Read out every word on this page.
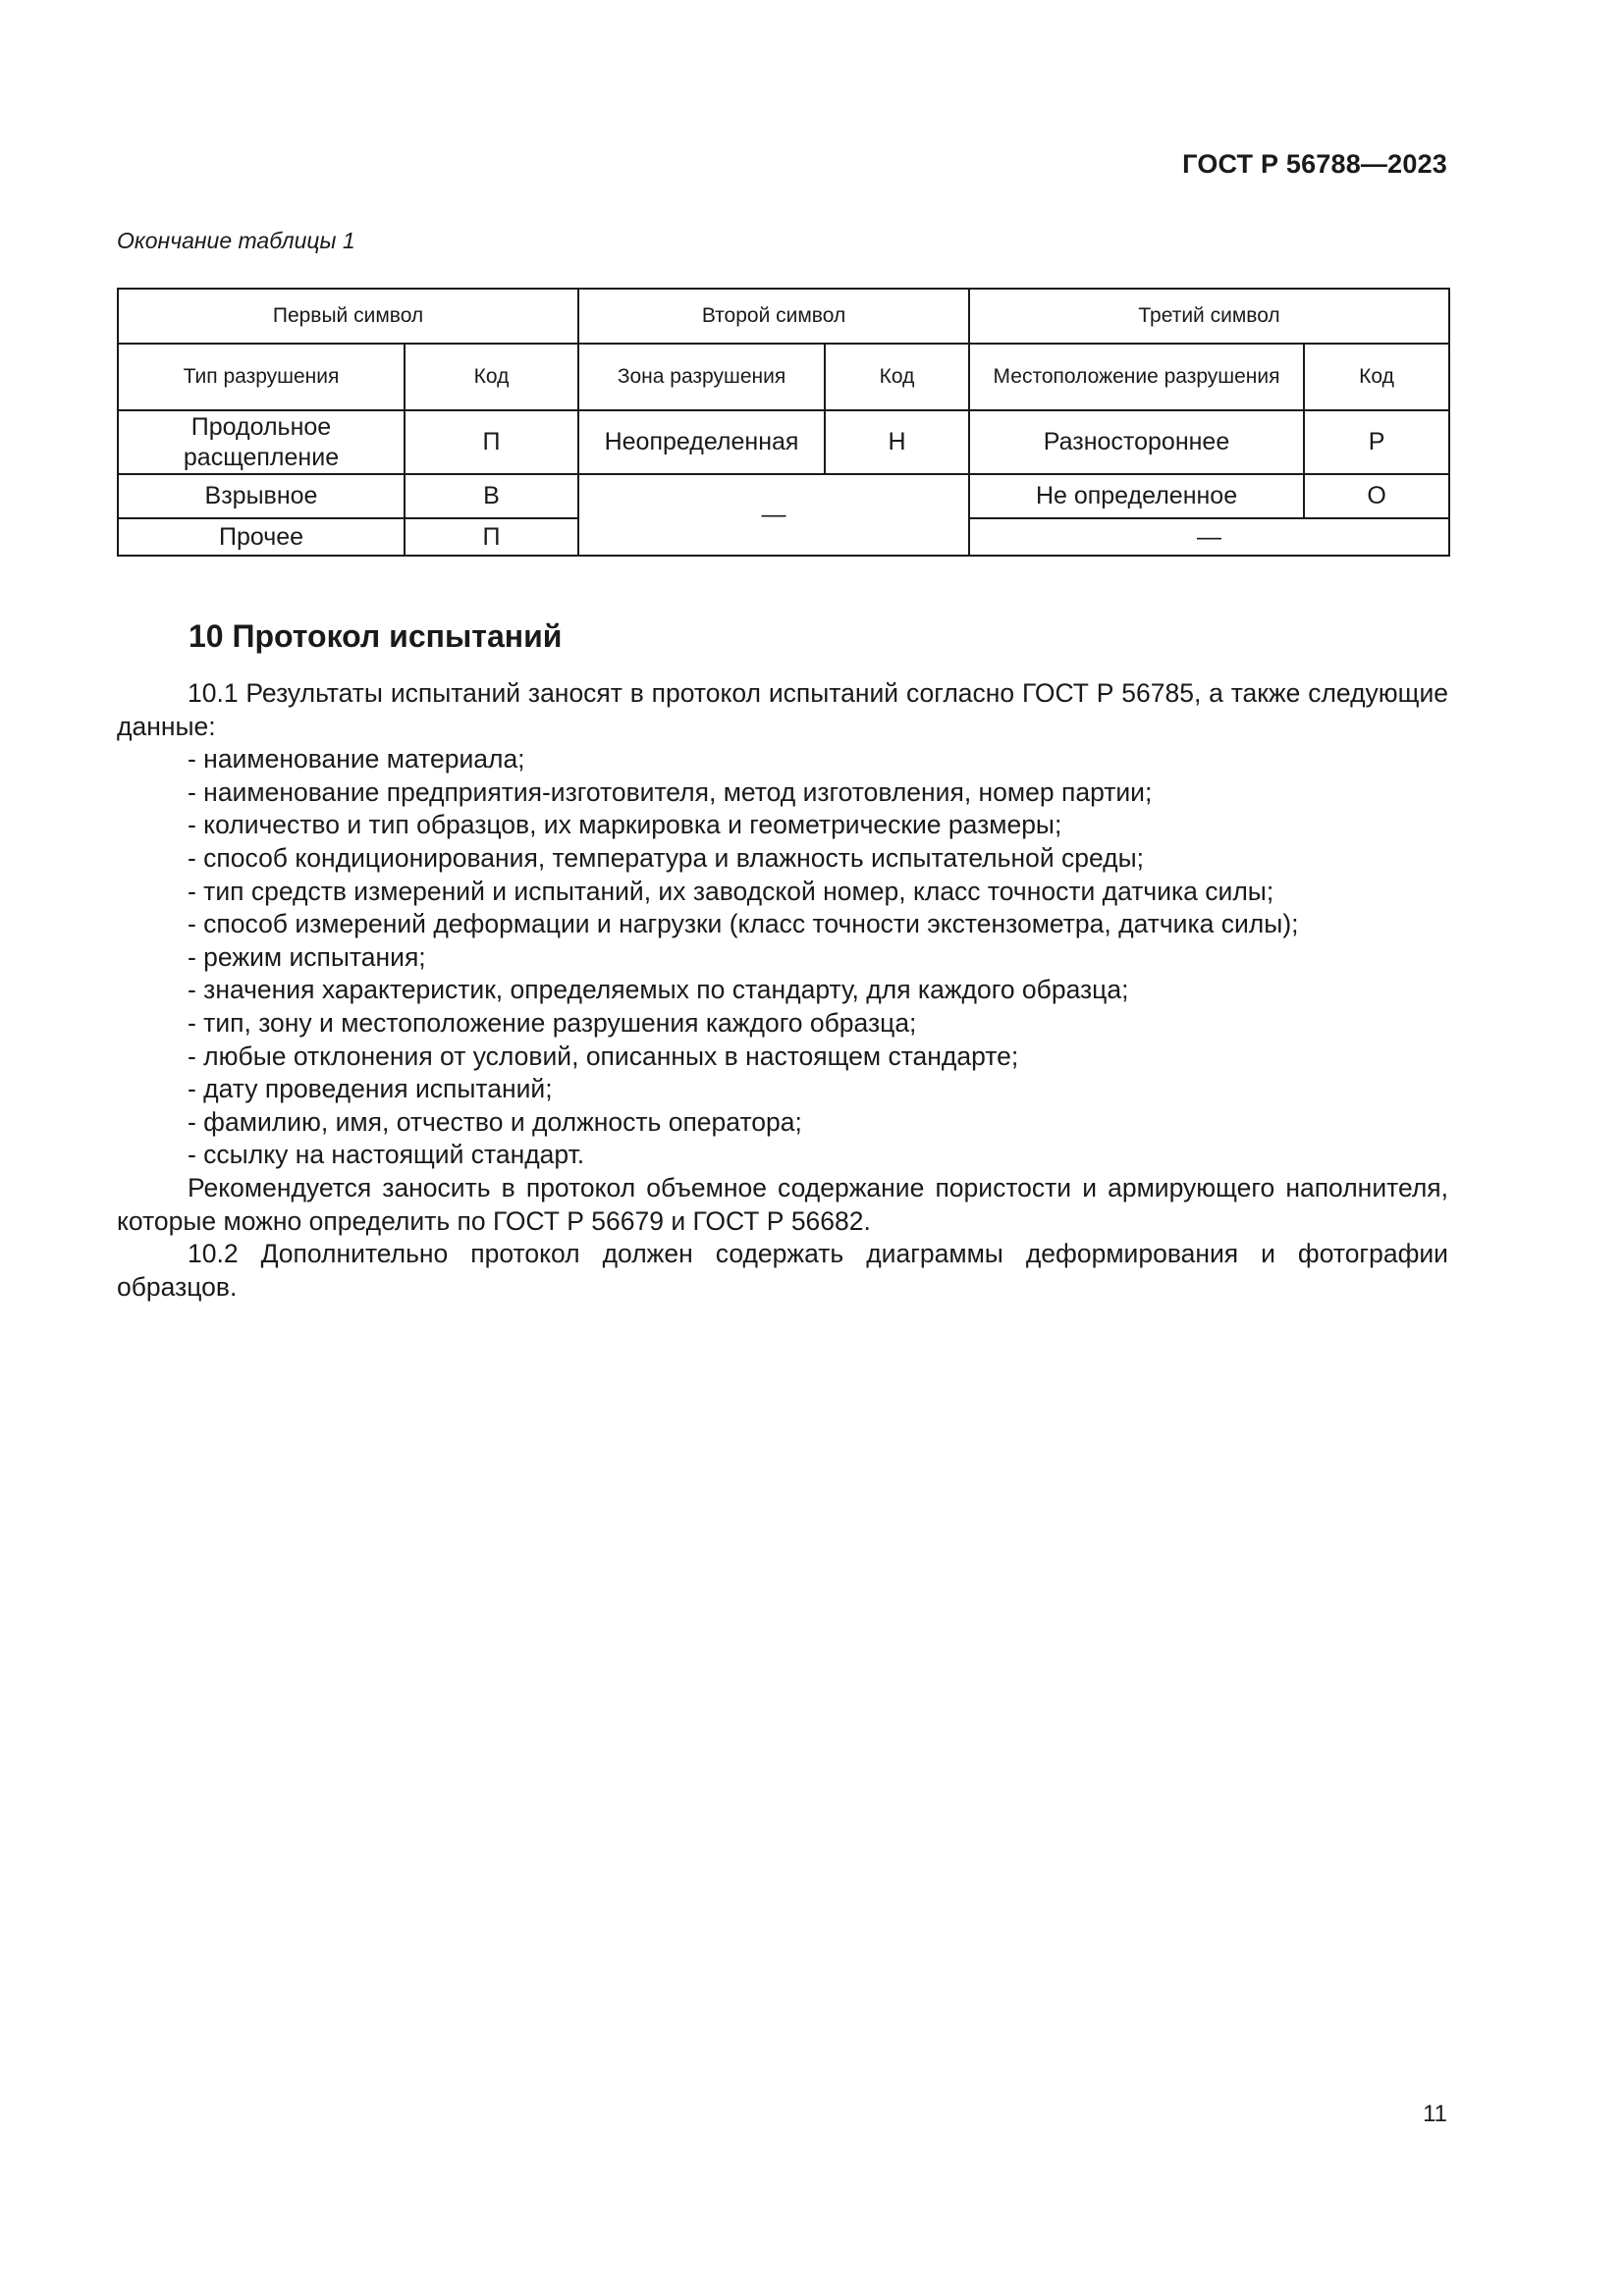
ГОСТ Р 56788—2023
Окончание таблицы 1
Первый символ		Второй символ		Третий символ	
Тип разрушения	Код	Зона разрушения	Код	Местоположение разрушения	Код
Продольное расщепление	П	Неопределенная	Н	Разностороннее	Р
Взрывное	В	—		Не определенное	О
Прочее	П			—	
10 Протокол испытаний

10.1 Результаты испытаний заносят в протокол испытаний согласно ГОСТ Р 56785, а также следующие данные:

- наименование материала;
- наименование предприятия-изготовителя, метод изготовления, номер партии;
- количество и тип образцов, их маркировка и геометрические размеры;
- способ кондиционирования, температура и влажность испытательной среды;
- тип средств измерений и испытаний, их заводской номер, класс точности датчика силы;
- способ измерений деформации и нагрузки (класс точности экстензометра, датчика силы);
- режим испытания;
- значения характеристик, определяемых по стандарту, для каждого образца;
- тип, зону и местоположение разрушения каждого образца;
- любые отклонения от условий, описанных в настоящем стандарте;
- дату проведения испытаний;
- фамилию, имя, отчество и должность оператора;
- ссылку на настоящий стандарт.

Рекомендуется заносить в протокол объемное содержание пористости и армирующего наполнителя, которые можно определить по ГОСТ Р 56679 и ГОСТ Р 56682.

10.2 Дополнительно протокол должен содержать диаграммы деформирования и фотографии образцов.

11
